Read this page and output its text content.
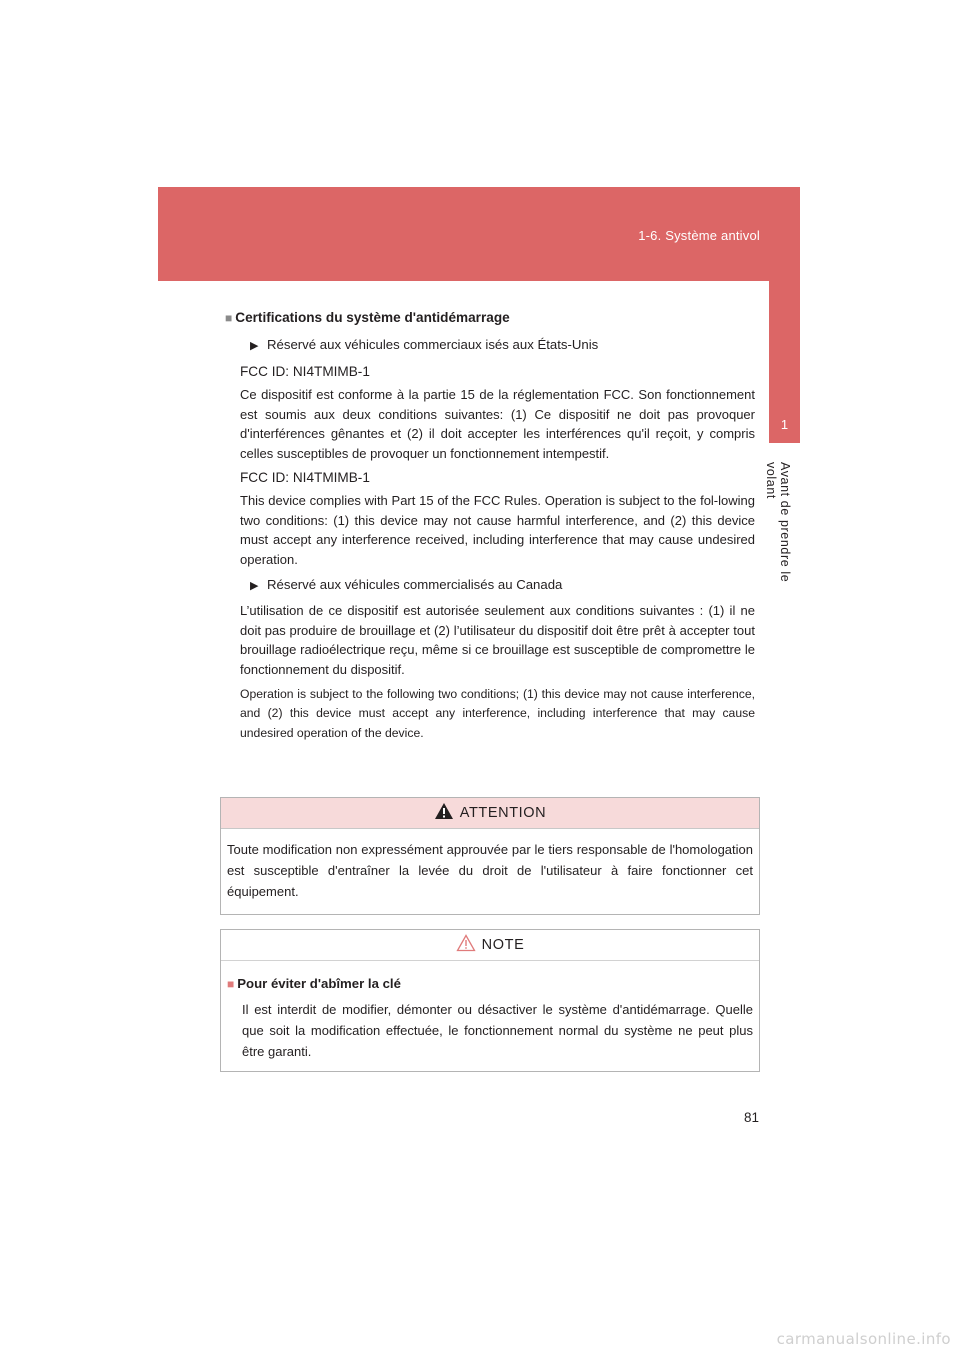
1-6. Système antivol
1
Avant de prendre le volant

■ Certifications du système d'antidémarrage

▶ Réservé aux véhicules commerciaux isés aux États-Unis
FCC ID: NI4TMIMB-1
Ce dispositif est conforme à la partie 15 de la réglementation FCC. Son fonctionnement est soumis aux deux conditions suivantes: (1) Ce dispositif ne doit pas provoquer d'interférences gênantes et (2) il doit accepter les interférences qu'il reçoit, y compris celles susceptibles de provoquer un fonctionnement intempestif.
FCC ID: NI4TMIMB-1
This device complies with Part 15 of the FCC Rules. Operation is subject to the fol-lowing two conditions: (1) this device may not cause harmful interference, and (2) this device must accept any interference received, including interference that may cause undesired operation.
▶ Réservé aux véhicules commercialisés au Canada
L’utilisation de ce dispositif est autorisée seulement aux conditions suivantes : (1) il ne doit pas produire de brouillage et (2) l’utilisateur du dispositif doit être prêt à accepter tout brouillage radioélectrique reçu, même si ce brouillage est susceptible de compromettre le fonctionnement du dispositif.
Operation is subject to the following two conditions; (1) this device may not cause interference, and (2) this device must accept any interference, including interference that may cause undesired operation of the device.
ATTENTION
Toute modification non expressément approuvée par le tiers responsable de l'homologation est susceptible d'entraîner la levée du droit de l'utilisateur à faire fonctionner cet équipement.
NOTE
■ Pour éviter d'abîmer la clé
Il est interdit de modifier, démonter ou désactiver le système d'antidémarrage. Quelle que soit la modification effectuée, le fonctionnement normal du système ne peut plus être garanti.
81
carmanualsonline.info
